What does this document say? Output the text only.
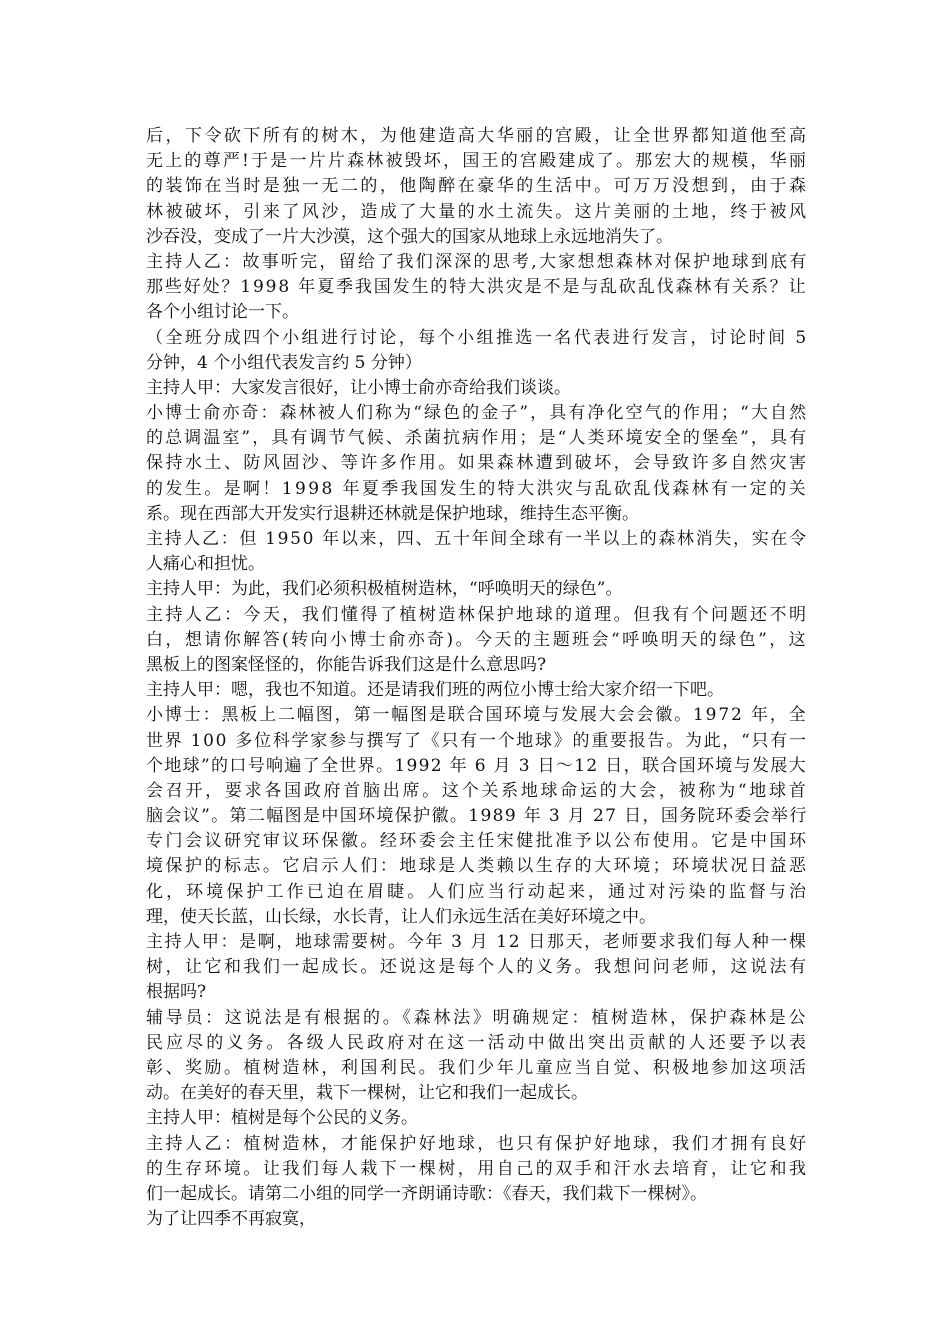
后，下令砍下所有的树木，为他建造高大华丽的宫殿，让全世界都知道他至高
无上的尊严!于是一片片森林被毁坏，国王的宫殿建成了。那宏大的规模，华丽
的装饰在当时是独一无二的，他陶醉在豪华的生活中。可万万没想到，由于森
林被破坏，引来了风沙，造成了大量的水土流失。这片美丽的土地，终于被风
沙吞没，变成了一片大沙漠，这个强大的国家从地球上永远地消失了。
主持人乙：故事听完，留给了我们深深的思考,大家想想森林对保护地球到底有
那些好处？1998 年夏季我国发生的特大洪灾是不是与乱砍乱伐森林有关系？让
各个小组讨论一下。
（全班分成四个小组进行讨论，每个小组推选一名代表进行发言，讨论时间 5
分钟，4 个小组代表发言约 5 分钟）
主持人甲：大家发言很好，让小博士俞亦奇给我们谈谈。
小博士俞亦奇：森林被人们称为“绿色的金子”，具有净化空气的作用；“大自然
的总调温室”，具有调节气候、杀菌抗病作用；是“人类环境安全的堡垒”，具有
保持水土、防风固沙、等许多作用。如果森林遭到破坏，会导致许多自然灾害
的发生。是啊！1998 年夏季我国发生的特大洪灾与乱砍乱伐森林有一定的关
系。现在西部大开发实行退耕还林就是保护地球，维持生态平衡。
主持人乙：但 1950 年以来，四、五十年间全球有一半以上的森林消失，实在令
人痛心和担忧。
主持人甲：为此，我们必须积极植树造林，“呼唤明天的绿色”。
主持人乙：今天，我们懂得了植树造林保护地球的道理。但我有个问题还不明
白，想请你解答(转向小博士俞亦奇)。今天的主题班会“呼唤明天的绿色”，这
黑板上的图案怪怪的，你能告诉我们这是什么意思吗?
主持人甲：嗯，我也不知道。还是请我们班的两位小博士给大家介绍一下吧。
小博士：黑板上二幅图，第一幅图是联合国环境与发展大会会徽。1972 年，全
世界 100 多位科学家参与撰写了《只有一个地球》的重要报告。为此，“只有一
个地球”的口号响遍了全世界。1992 年 6 月 3 日～12 日，联合国环境与发展大
会召开，要求各国政府首脑出席。这个关系地球命运的大会，被称为“地球首
脑会议”。第二幅图是中国环境保护徽。1989 年 3 月 27 日，国务院环委会举行
专门会议研究审议环保徽。经环委会主任宋健批准予以公布使用。它是中国环
境保护的标志。它启示人们：地球是人类赖以生存的大环境；环境状况日益恶
化，环境保护工作已迫在眉睫。人们应当行动起来，通过对污染的监督与治
理，使天长蓝，山长绿，水长青，让人们永远生活在美好环境之中。
主持人甲：是啊，地球需要树。今年 3 月 12 日那天，老师要求我们每人种一棵
树，让它和我们一起成长。还说这是每个人的义务。我想问问老师，这说法有
根据吗?
辅导员：这说法是有根据的。《森林法》明确规定：植树造林，保护森林是公
民应尽的义务。各级人民政府对在这一活动中做出突出贡献的人还要予以表
彰、奖励。植树造林，利国利民。我们少年儿童应当自觉、积极地参加这项活
动。在美好的春天里，栽下一棵树，让它和我们一起成长。
主持人甲：植树是每个公民的义务。
主持人乙：植树造林，才能保护好地球，也只有保护好地球，我们才拥有良好
的生存环境。让我们每人栽下一棵树，用自己的双手和汗水去培育，让它和我
们一起成长。请第二小组的同学一齐朗诵诗歌：《春天，我们栽下一棵树》。
为了让四季不再寂寞，
